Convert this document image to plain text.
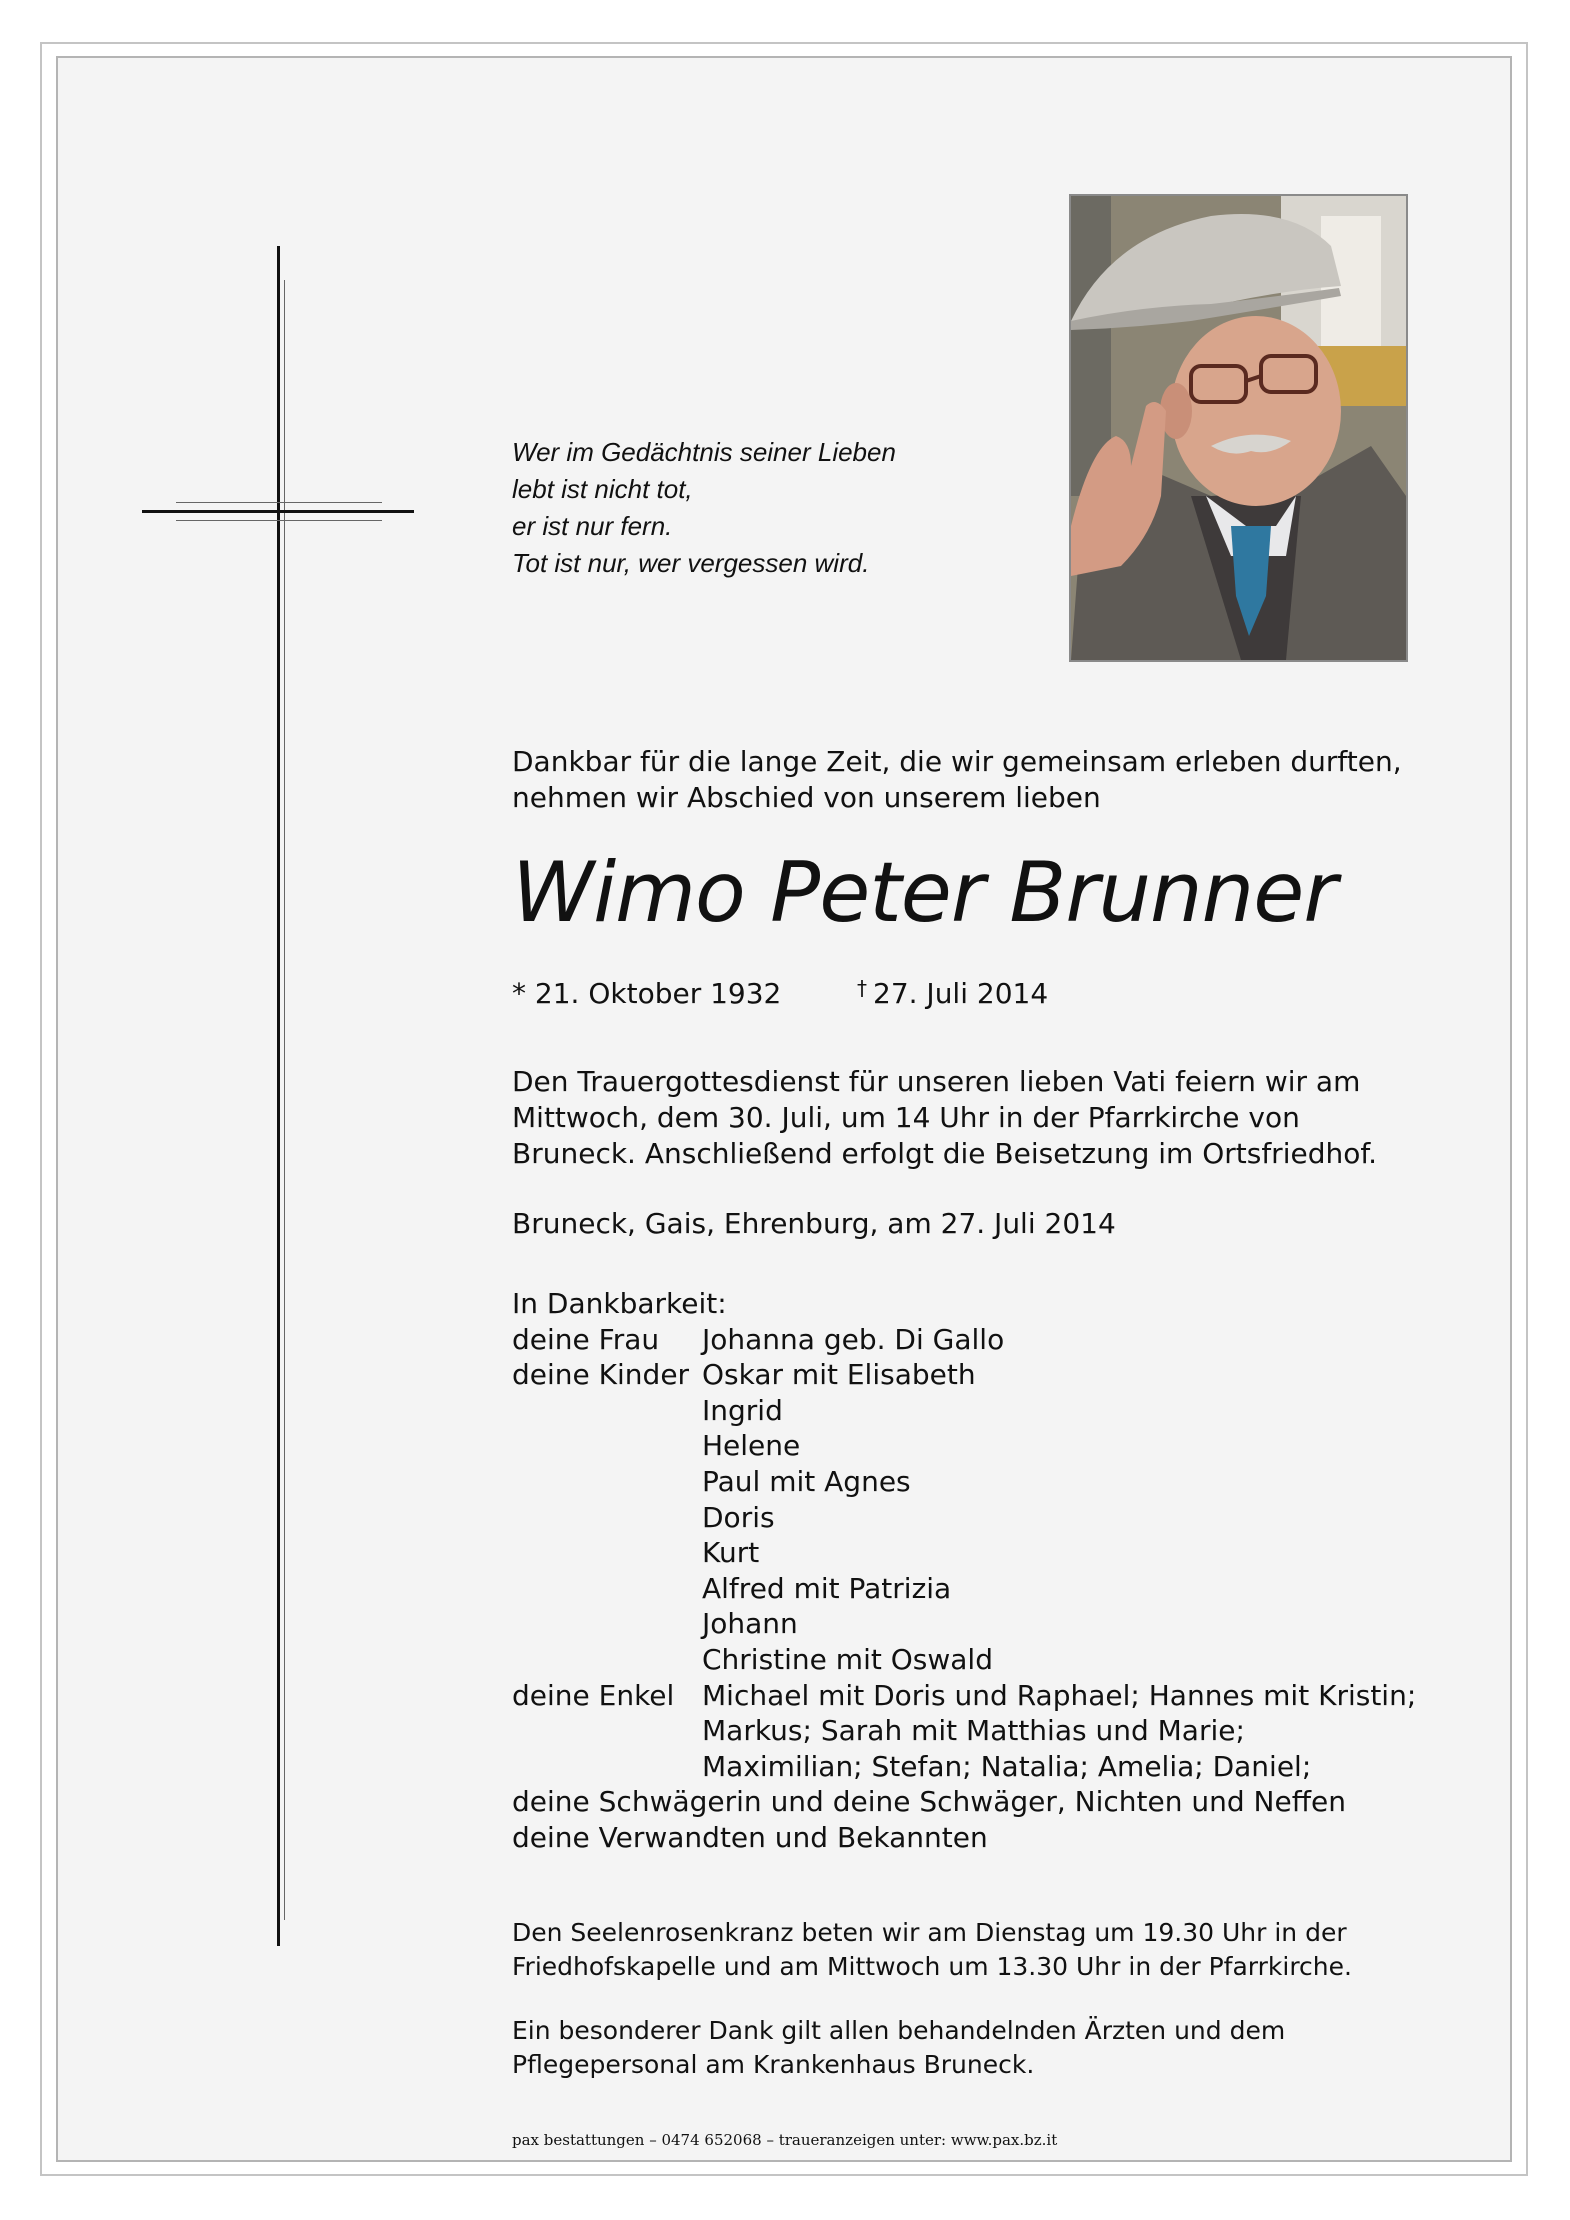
Wer im Gedächtnis seiner Lieben
lebt ist nicht tot,
er ist nur fern.
Tot ist nur, wer vergessen wird.
Dankbar für die lange Zeit, die wir gemeinsam erleben durften,
nehmen wir Abschied von unserem lieben
Wimo Peter Brunner
* 21. Oktober 1932	† 27. Juli 2014
Den Trauergottesdienst für unseren lieben Vati feiern wir am
Mittwoch, dem 30. Juli, um 14 Uhr in der Pfarrkirche von
Bruneck. Anschließend erfolgt die Beisetzung im Ortsfriedhof.
Bruneck, Gais, Ehrenburg, am 27. Juli 2014
In Dankbarkeit:
deine Frau Johanna geb. Di Gallo
deine Kinder Oskar mit Elisabeth
Ingrid
Helene
Paul mit Agnes
Doris
Kurt
Alfred mit Patrizia
Johann
Christine mit Oswald
deine Enkel Michael mit Doris und Raphael; Hannes mit Kristin;
Markus; Sarah mit Matthias und Marie;
Maximilian; Stefan; Natalia; Amelia; Daniel;
deine Schwägerin und deine Schwäger, Nichten und Neffen
deine Verwandten und Bekannten
Den Seelenrosenkranz beten wir am Dienstag um 19.30 Uhr in der
Friedhofskapelle und am Mittwoch um 13.30 Uhr in der Pfarrkirche.
Ein besonderer Dank gilt allen behandelnden Ärzten und dem
Pflegepersonal am Krankenhaus Bruneck.
pax bestattungen – 0474 652068 – traueranzeigen unter: www.pax.bz.it
